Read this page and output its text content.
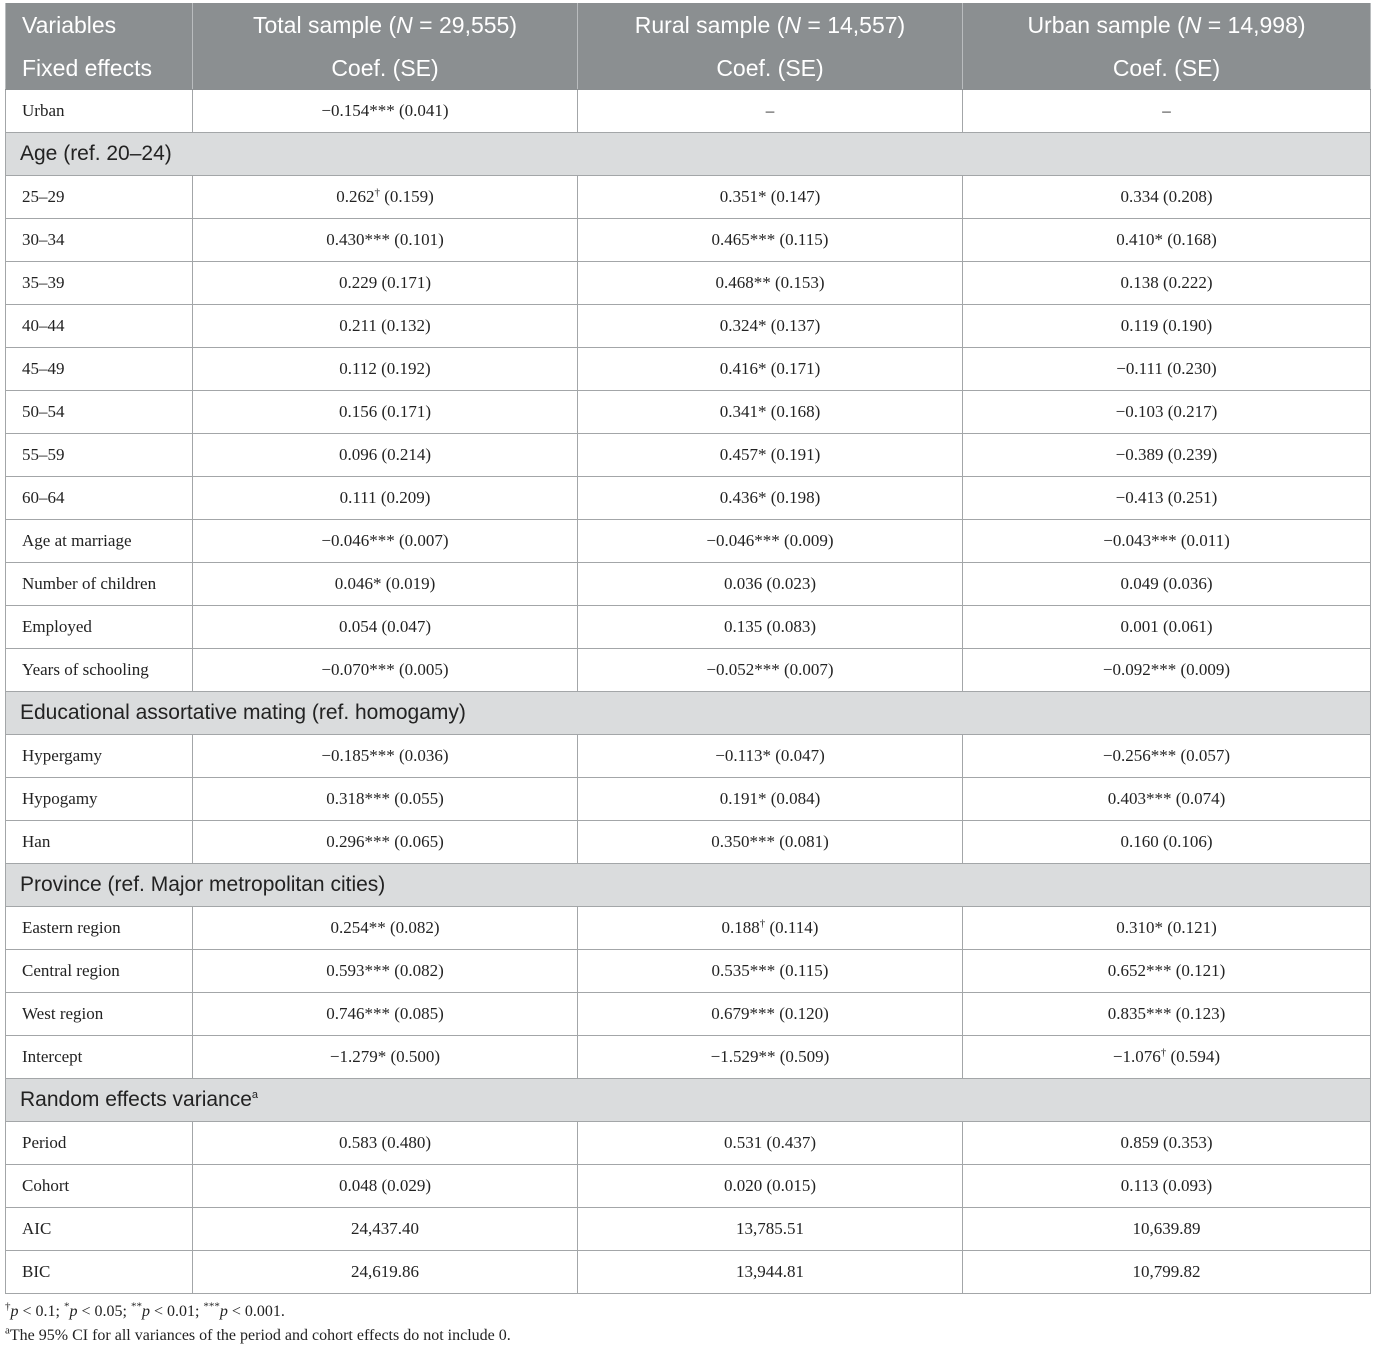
Variables	Total sample (N = 29,555)	Rural sample (N = 14,557)	Urban sample (N = 14,998)
Fixed effects	Coef. (SE)	Coef. (SE)	Coef. (SE)
Urban	−0.154*** (0.041)	–	–
Age (ref. 20–24)			
25–29	0.262† (0.159)	0.351* (0.147)	0.334 (0.208)
30–34	0.430*** (0.101)	0.465*** (0.115)	0.410* (0.168)
35–39	0.229 (0.171)	0.468** (0.153)	0.138 (0.222)
40–44	0.211 (0.132)	0.324* (0.137)	0.119 (0.190)
45–49	0.112 (0.192)	0.416* (0.171)	−0.111 (0.230)
50–54	0.156 (0.171)	0.341* (0.168)	−0.103 (0.217)
55–59	0.096 (0.214)	0.457* (0.191)	−0.389 (0.239)
60–64	0.111 (0.209)	0.436* (0.198)	−0.413 (0.251)
Age at marriage	−0.046*** (0.007)	−0.046*** (0.009)	−0.043*** (0.011)
Number of children	0.046* (0.019)	0.036 (0.023)	0.049 (0.036)
Employed	0.054 (0.047)	0.135 (0.083)	0.001 (0.061)
Years of schooling	−0.070*** (0.005)	−0.052*** (0.007)	−0.092*** (0.009)
Educational assortative mating (ref. homogamy)			
Hypergamy	−0.185*** (0.036)	−0.113* (0.047)	−0.256*** (0.057)
Hypogamy	0.318*** (0.055)	0.191* (0.084)	0.403*** (0.074)
Han	0.296*** (0.065)	0.350*** (0.081)	0.160 (0.106)
Province (ref. Major metropolitan cities)			
Eastern region	0.254** (0.082)	0.188† (0.114)	0.310* (0.121)
Central region	0.593*** (0.082)	0.535*** (0.115)	0.652*** (0.121)
West region	0.746*** (0.085)	0.679*** (0.120)	0.835*** (0.123)
Intercept	−1.279* (0.500)	−1.529** (0.509)	−1.076† (0.594)
Random effects variance$^a$
Period	0.583 (0.480)	0.531 (0.437)	0.859 (0.353)
Cohort	0.048 (0.029)	0.020 (0.015)	0.113 (0.093)
AIC	24,437.40	13,785.51	10,639.89
BIC	24,619.86	13,944.81	10,799.82
†p < 0.1; *p < 0.05; **p < 0.01; ***p < 0.001.
$^a$The 95% CI for all variances of the period and cohort effects do not include 0.
